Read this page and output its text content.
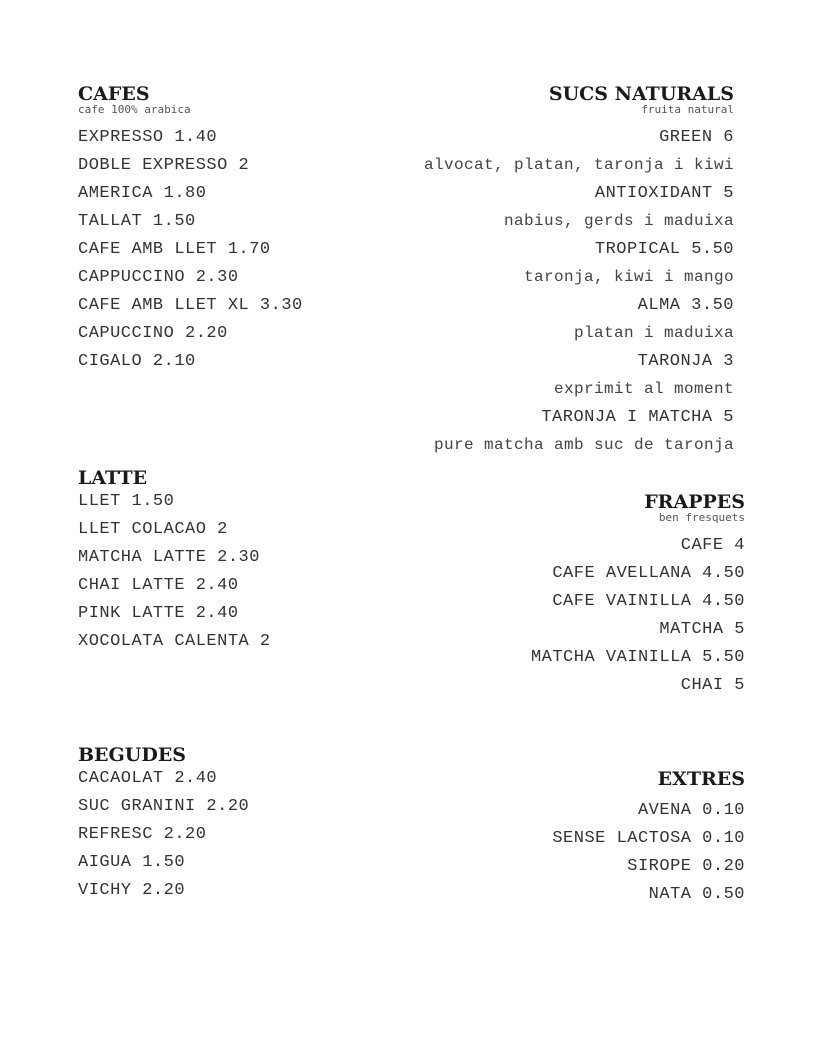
CAFES

cafe 100% arabica

EXPRESSO 1.40
DOBLE EXPRESSO 2
AMERICA 1.80
TALLAT 1.50
CAFE AMB LLET 1.70
CAPPUCCINO 2.30
CAFE AMB LLET XL 3.30
CAPUCCINO 2.20
CIGALO 2.10
SUCS NATURALS

fruita natural

GREEN 6
alvocat, platan, taronja i kiwi
ANTIOXIDANT 5
nabius, gerds i maduixa
TROPICAL 5.50
taronja, kiwi i mango
ALMA 3.50
platan i maduixa
TARONJA 3
exprimit al moment
TARONJA I MATCHA 5
pure matcha amb suc de taronja
LATTE
LLET 1.50
LLET COLACAO 2
MATCHA LATTE 2.30
CHAI LATTE 2.40
PINK LATTE 2.40
XOCOLATA CALENTA 2
FRAPPES

ben fresquets

CAFE 4
CAFE AVELLANA 4.50
CAFE VAINILLA 4.50
MATCHA 5
MATCHA VAINILLA 5.50
CHAI 5
BEGUDES
CACAOLAT 2.40
SUC GRANINI 2.20
REFRESC 2.20
AIGUA 1.50
VICHY 2.20
EXTRES
AVENA 0.10
SENSE LACTOSA 0.10
SIROPE 0.20
NATA 0.50
